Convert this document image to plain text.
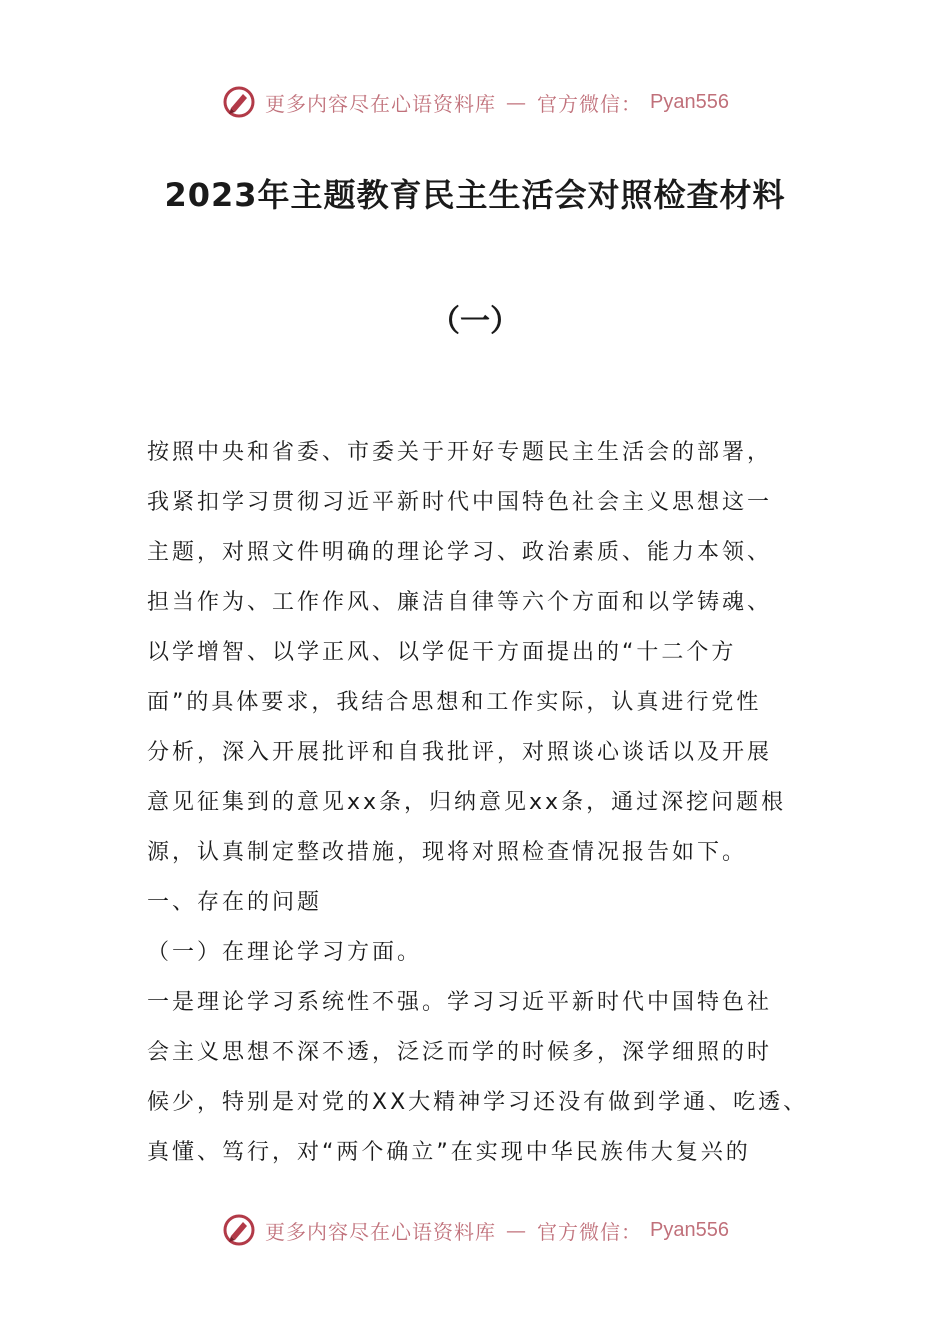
更多内容尽在心语资料库 — 官方微信： Pyan556
2023年主题教育民主生活会对照检查材料
（一）

按照中央和省委、市委关于开好专题民主生活会的部署，
我紧扣学习贯彻习近平新时代中国特色社会主义思想这一
主题，对照文件明确的理论学习、政治素质、能力本领、
担当作为、工作作风、廉洁自律等六个方面和以学铸魂、
以学增智、以学正风、以学促干方面提出的“十二个方
面”的具体要求，我结合思想和工作实际，认真进行党性
分析，深入开展批评和自我批评，对照谈心谈话以及开展
意见征集到的意见xx条，归纳意见xx条，通过深挖问题根
源，认真制定整改措施，现将对照检查情况报告如下。
一、存在的问题
（一）在理论学习方面。
一是理论学习系统性不强。学习习近平新时代中国特色社
会主义思想不深不透，泛泛而学的时候多，深学细照的时
候少，特别是对党的XX大精神学习还没有做到学通、吃透、
真懂、笃行，对“两个确立”在实现中华民族伟大复兴的

更多内容尽在心语资料库 — 官方微信： Pyan556
